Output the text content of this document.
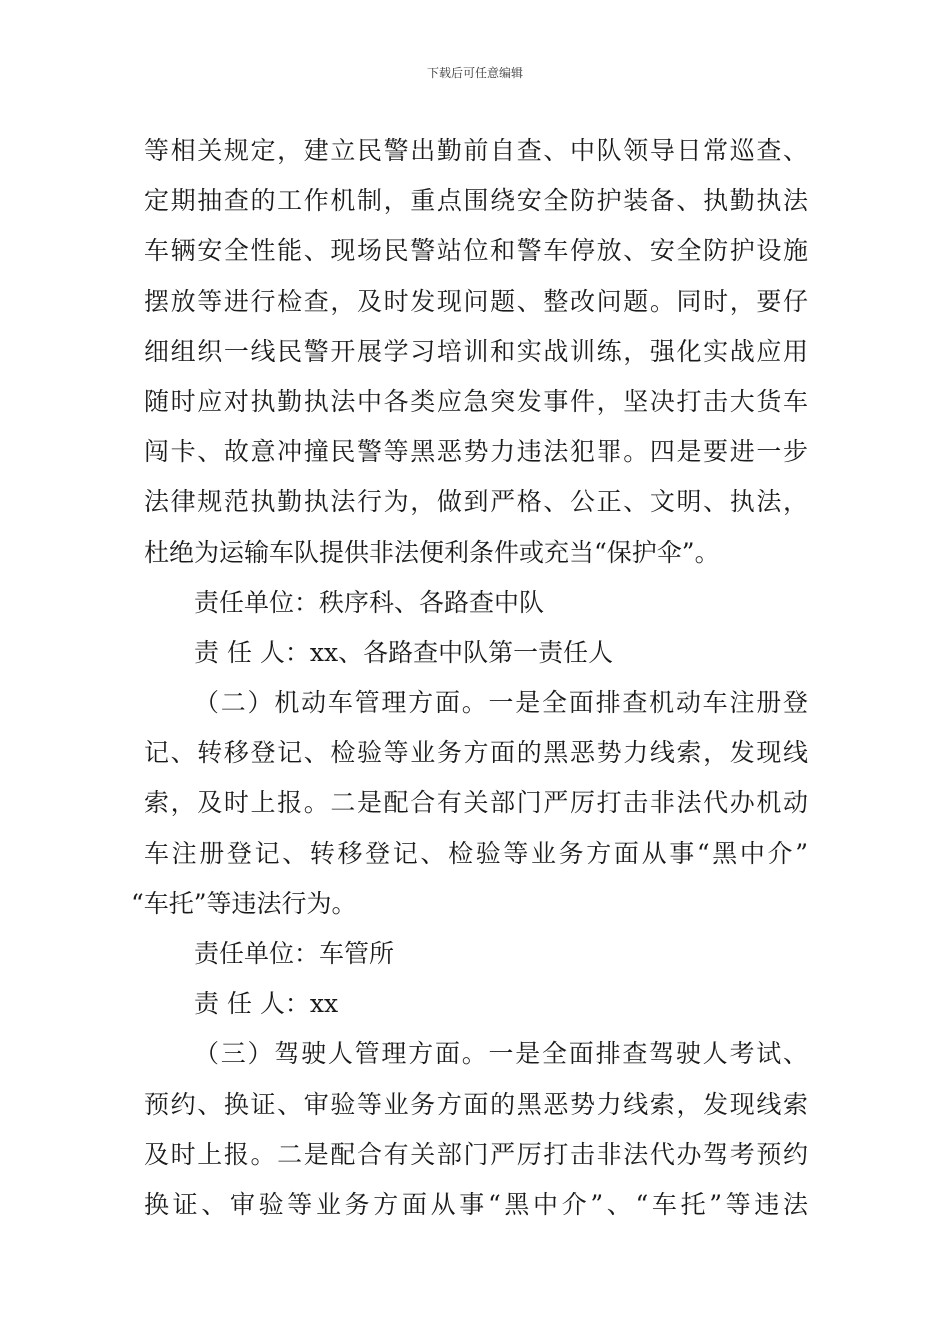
下载后可任意编辑
等相关规定，建立民警出勤前自查、中队领导日常巡查、
定期抽查的工作机制，重点围绕安全防护装备、执勤执法
车辆安全性能、现场民警站位和警车停放、安全防护设施
摆放等进行检查，及时发现问题、整改问题。同时，要仔
细组织一线民警开展学习培训和实战训练，强化实战应用
随时应对执勤执法中各类应急突发事件，坚决打击大货车
闯卡、故意冲撞民警等黑恶势力违法犯罪。四是要进一步
法律规范执勤执法行为，做到严格、公正、文明、执法，
杜绝为运输车队提供非法便利条件或充当“保护伞”。
责任单位：秩序科、各路查中队
责 任 人：xx、各路查中队第一责任人
（二）机动车管理方面。一是全面排查机动车注册登
记、转移登记、检验等业务方面的黑恶势力线索，发现线
索，及时上报。二是配合有关部门严厉打击非法代办机动
车注册登记、转移登记、检验等业务方面从事“黑中介”
“车托”等违法行为。
责任单位：车管所
责 任 人：xx
（三）驾驶人管理方面。一是全面排查驾驶人考试、
预约、换证、审验等业务方面的黑恶势力线索，发现线索
及时上报。二是配合有关部门严厉打击非法代办驾考预约
换证、审验等业务方面从事“黑中介”、“车托”等违法
